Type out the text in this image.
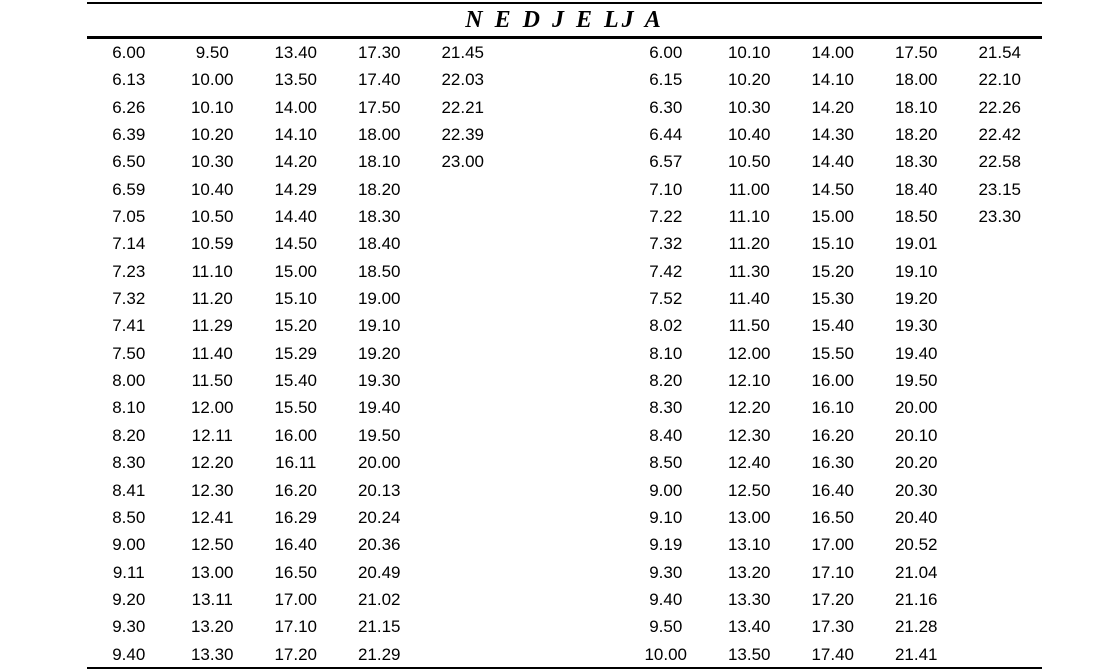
N E D J E LJ A
6.00
6.13
6.26
6.39
6.50
6.59
7.05
7.14
7.23
7.32
7.41
7.50
8.00
8.10
8.20
8.30
8.41
8.50
9.00
9.11
9.20
9.30
9.40
9.50
10.00
10.10
10.20
10.30
10.40
10.50
10.59
11.10
11.20
11.29
11.40
11.50
12.00
12.11
12.20
12.30
12.41
12.50
13.00
13.11
13.20
13.30
13.40
13.50
14.00
14.10
14.20
14.29
14.40
14.50
15.00
15.10
15.20
15.29
15.40
15.50
16.00
16.11
16.20
16.29
16.40
16.50
17.00
17.10
17.20
17.30
17.40
17.50
18.00
18.10
18.20
18.30
18.40
18.50
19.00
19.10
19.20
19.30
19.40
19.50
20.00
20.13
20.24
20.36
20.49
21.02
21.15
21.29
21.45
22.03
22.21
22.39
23.00
6.00
6.15
6.30
6.44
6.57
7.10
7.22
7.32
7.42
7.52
8.02
8.10
8.20
8.30
8.40
8.50
9.00
9.10
9.19
9.30
9.40
9.50
10.00
10.10
10.20
10.30
10.40
10.50
11.00
11.10
11.20
11.30
11.40
11.50
12.00
12.10
12.20
12.30
12.40
12.50
13.00
13.10
13.20
13.30
13.40
13.50
14.00
14.10
14.20
14.30
14.40
14.50
15.00
15.10
15.20
15.30
15.40
15.50
16.00
16.10
16.20
16.30
16.40
16.50
17.00
17.10
17.20
17.30
17.40
17.50
18.00
18.10
18.20
18.30
18.40
18.50
19.01
19.10
19.20
19.30
19.40
19.50
20.00
20.10
20.20
20.30
20.40
20.52
21.04
21.16
21.28
21.41
21.54
22.10
22.26
22.42
22.58
23.15
23.30
